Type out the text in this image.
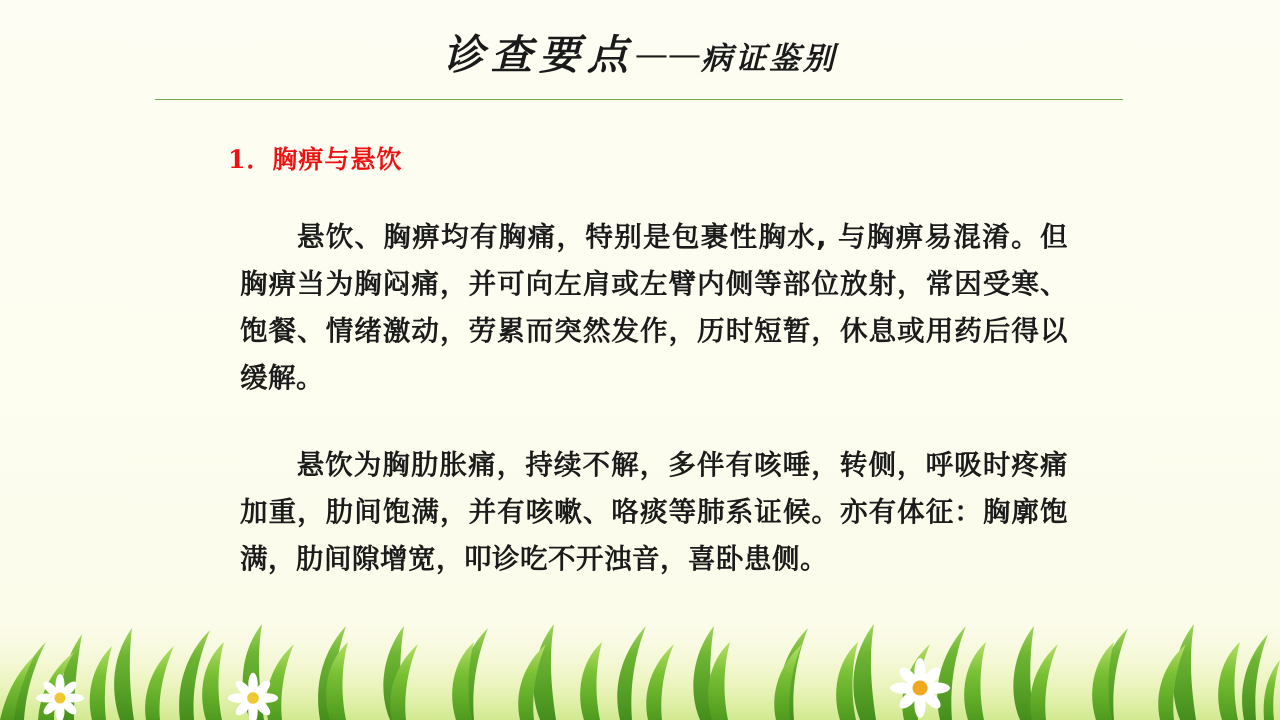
诊查要点——病证鉴别
1．胸痹与悬饮
悬饮、胸痹均有胸痛，特别是包裹性胸水, 与胸痹易混淆。但胸痹当为胸闷痛，并可向左肩或左臂内侧等部位放射，常因受寒、饱餐、情绪激动，劳累而突然发作，历时短暂，休息或用药后得以缓解。
悬饮为胸肋胀痛，持续不解，多伴有咳唾，转侧，呼吸时疼痛加重，肋间饱满，并有咳嗽、咯痰等肺系证候。亦有体征：胸廓饱满，肋间隙增宽，叩诊吃不开浊音，喜卧患侧。
